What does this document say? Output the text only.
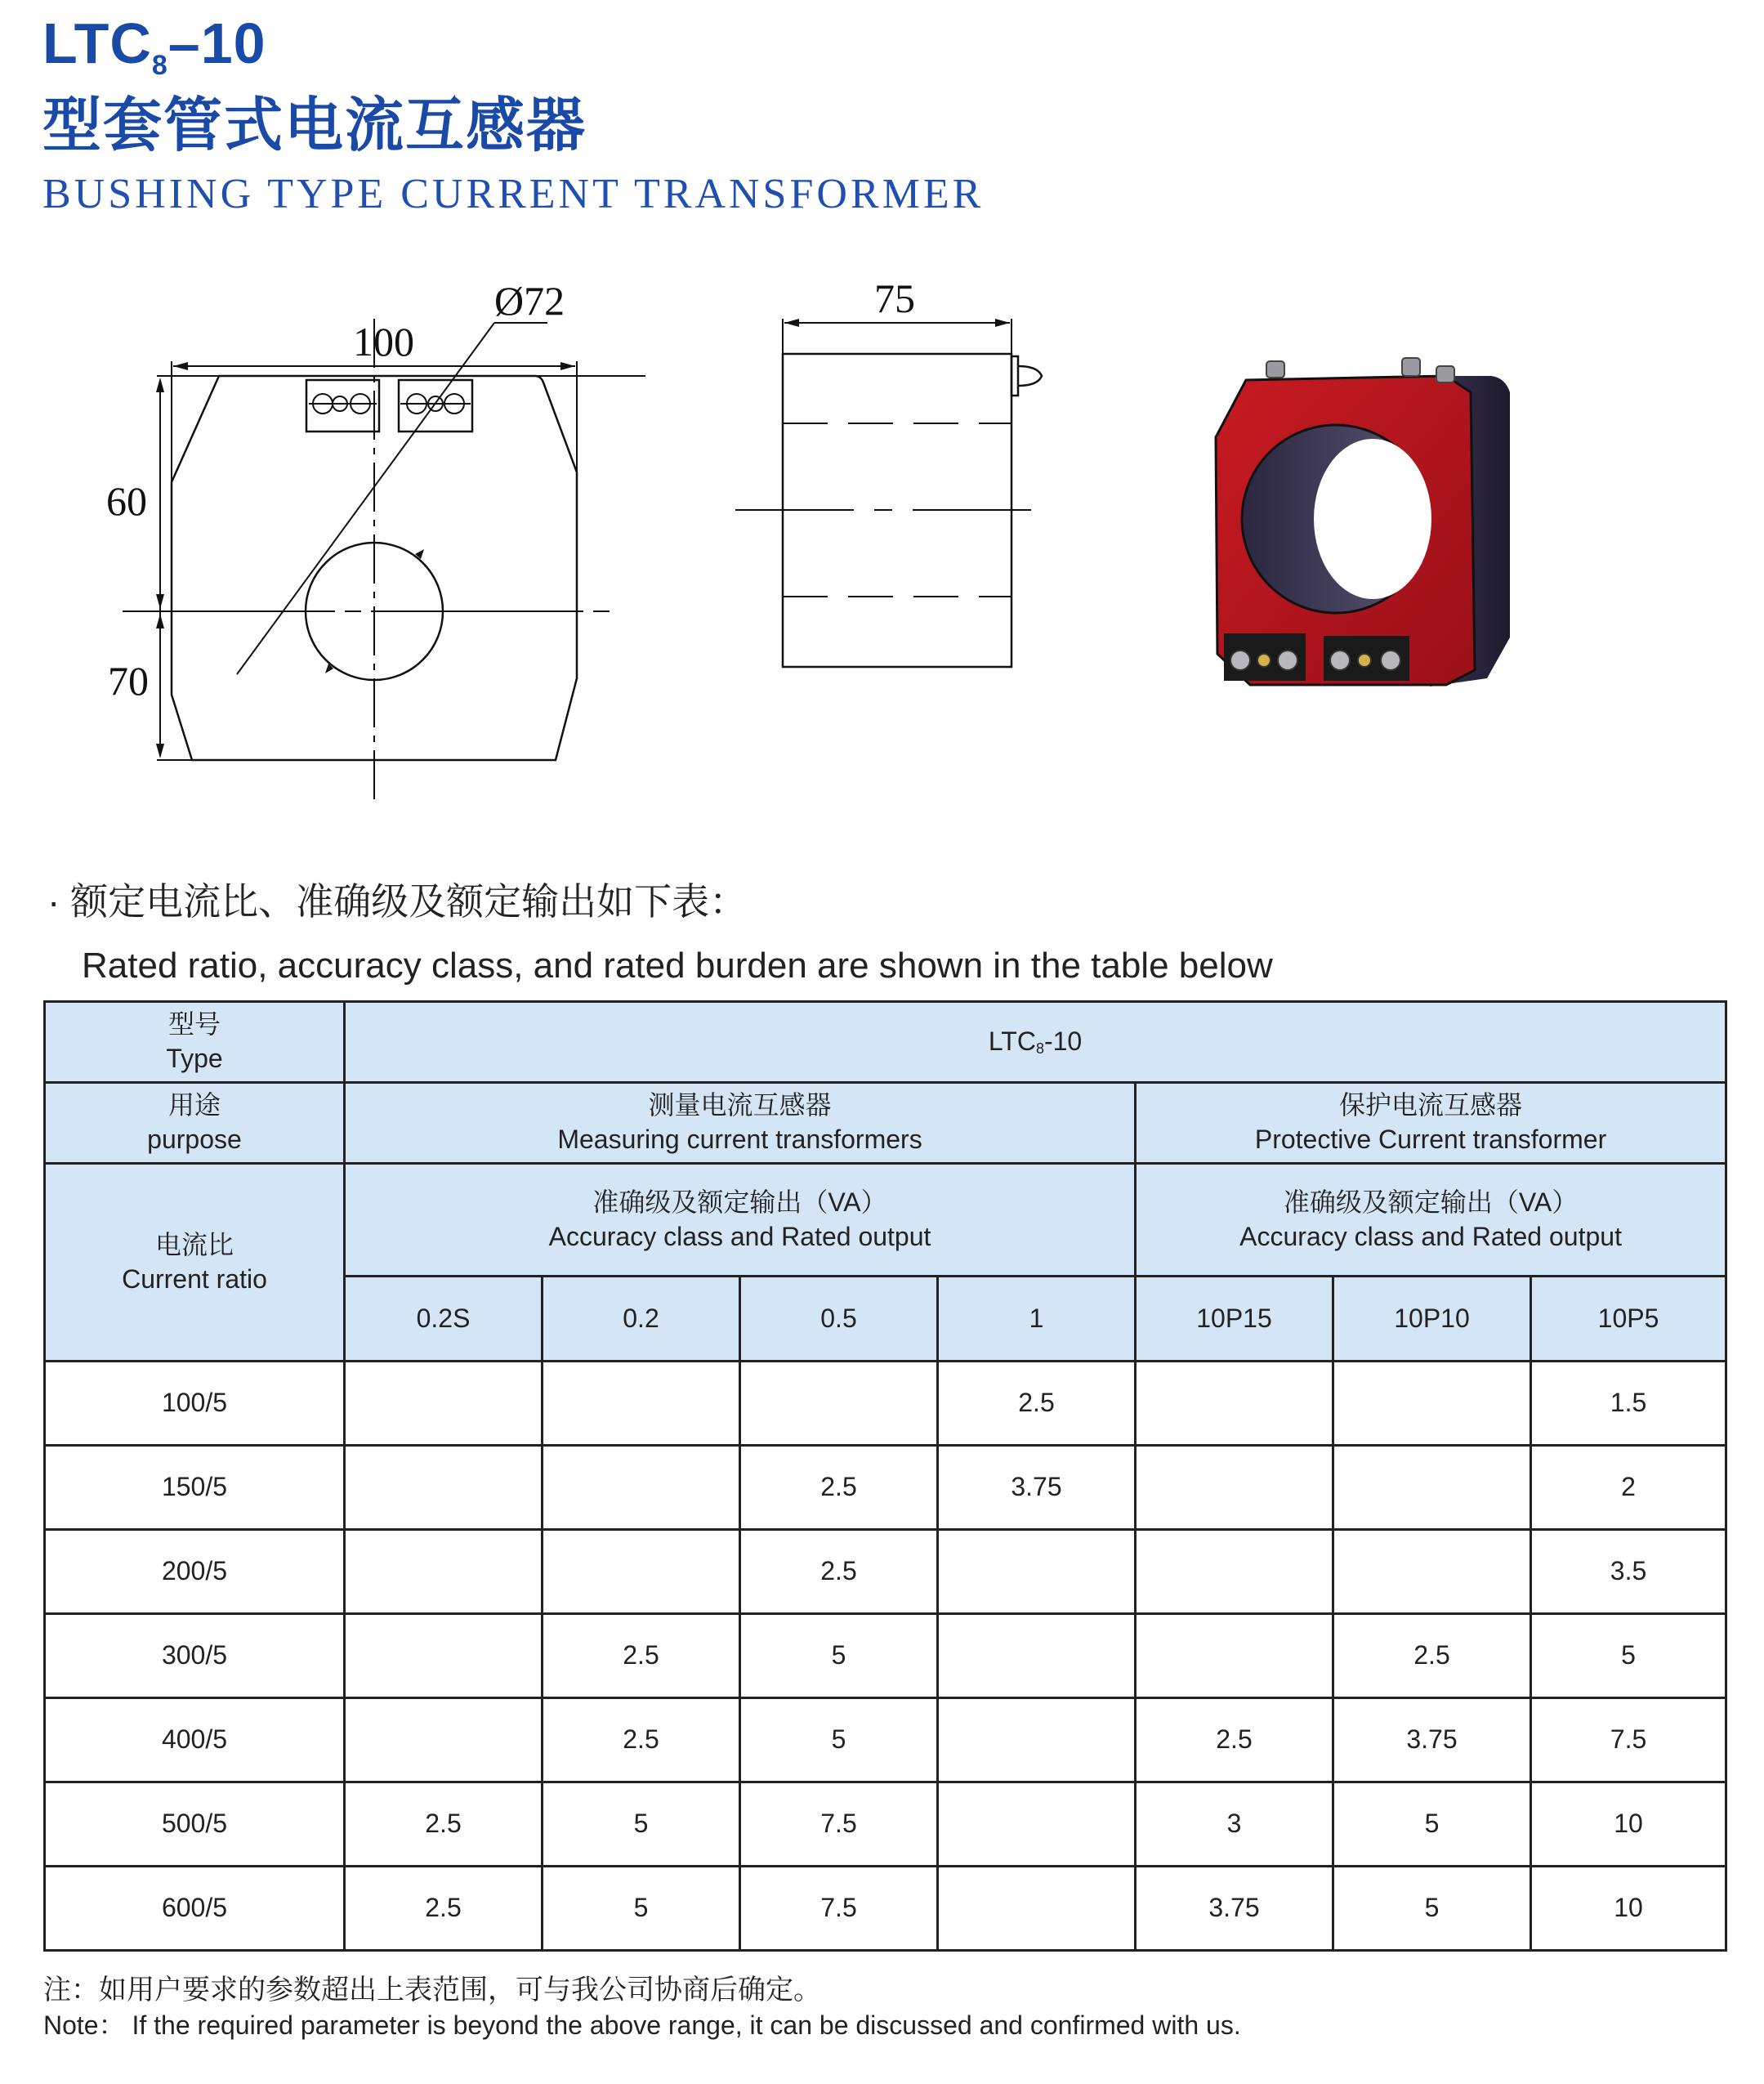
$LTC_8-10$
型套管式电流互感器
BUSHING TYPE CURRENT TRANSFORMER
100
Ø72
60
70
75
· 额定电流比、准确级及额定输出如下表：
Rated ratio, accuracy class, and rated burden are shown in the table below
型号
Type	$LTC_8-10$						

用途
purpose	测量电流互感器
Measuring current transformers				保护电流互感器
Protective Current transformer		

电流比
Current ratio	准确级及额定输出（VA）
Accuracy class and Rated output				准确级及额定输出（VA）
Accuracy class and Rated output		

	0.2S	0.2	0.5	1	10P15	10P10	10P5
100/5				2.5			1.5
150/5			2.5	3.75			2
200/5			2.5				3.5
300/5		2.5	5			2.5	5
400/5		2.5	5		2.5	3.75	7.5
500/5	2.5	5	7.5		3	5	10
600/5	2.5	5	7.5		3.75	5	10
注：如用户要求的参数超出上表范围，可与我公司协商后确定。
Note： If the required parameter is beyond the above range, it can be discussed and confirmed with us.
